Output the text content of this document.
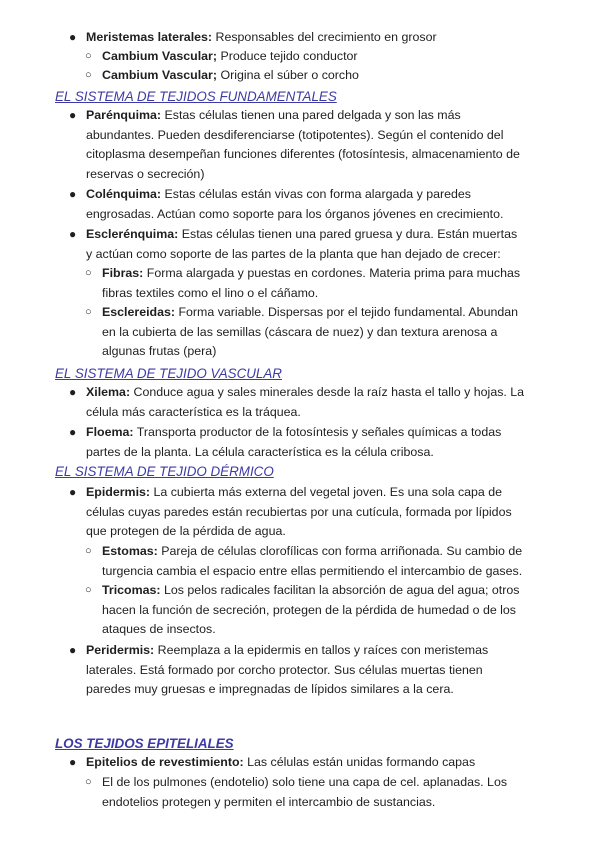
● Meristemas laterales: Responsables del crecimiento en grosor
○ Cambium Vascular; Produce tejido conductor
○ Cambium Vascular; Origina el súber o corcho
EL SISTEMA DE TEJIDOS FUNDAMENTALES
● Parénquima: Estas células tienen una pared delgada y son las más
abundantes. Pueden desdiferenciarse (totipotentes). Según el contenido del
citoplasma desempeñan funciones diferentes (fotosíntesis, almacenamiento de
reservas o secreción)
● Colénquima: Estas células están vivas con forma alargada y paredes
engrosadas. Actúan como soporte para los órganos jóvenes en crecimiento.
● Esclerénquima: Estas células tienen una pared gruesa y dura. Están muertas
y actúan como soporte de las partes de la planta que han dejado de crecer:
○ Fibras: Forma alargada y puestas en cordones. Materia prima para muchas
fibras textiles como el lino o el cáñamo.
○ Esclereidas: Forma variable. Dispersas por el tejido fundamental. Abundan
en la cubierta de las semillas (cáscara de nuez) y dan textura arenosa a
algunas frutas (pera)
EL SISTEMA DE TEJIDO VASCULAR
● Xilema: Conduce agua y sales minerales desde la raíz hasta el tallo y hojas. La
célula más característica es la tráquea.
● Floema: Transporta productor de la fotosíntesis y señales químicas a todas
partes de la planta. La célula característica es la célula cribosa.
EL SISTEMA DE TEJIDO DÉRMICO
● Epidermis: La cubierta más externa del vegetal joven. Es una sola capa de
células cuyas paredes están recubiertas por una cutícula, formada por lípidos
que protegen de la pérdida de agua.
○ Estomas: Pareja de células clorofílicas con forma arriñonada. Su cambio de
turgencia cambia el espacio entre ellas permitiendo el intercambio de gases.
○ Tricomas: Los pelos radicales facilitan la absorción de agua del agua; otros
hacen la función de secreción, protegen de la pérdida de humedad o de los
ataques de insectos.
● Peridermis: Reemplaza a la epidermis en tallos y raíces con meristemas
laterales. Está formado por corcho protector. Sus células muertas tienen
paredes muy gruesas e impregnadas de lípidos similares a la cera.
LOS TEJIDOS EPITELIALES
● Epitelios de revestimiento: Las células están unidas formando capas
○ El de los pulmones (endotelio) solo tiene una capa de cel. aplanadas. Los
endotelios protegen y permiten el intercambio de sustancias.
